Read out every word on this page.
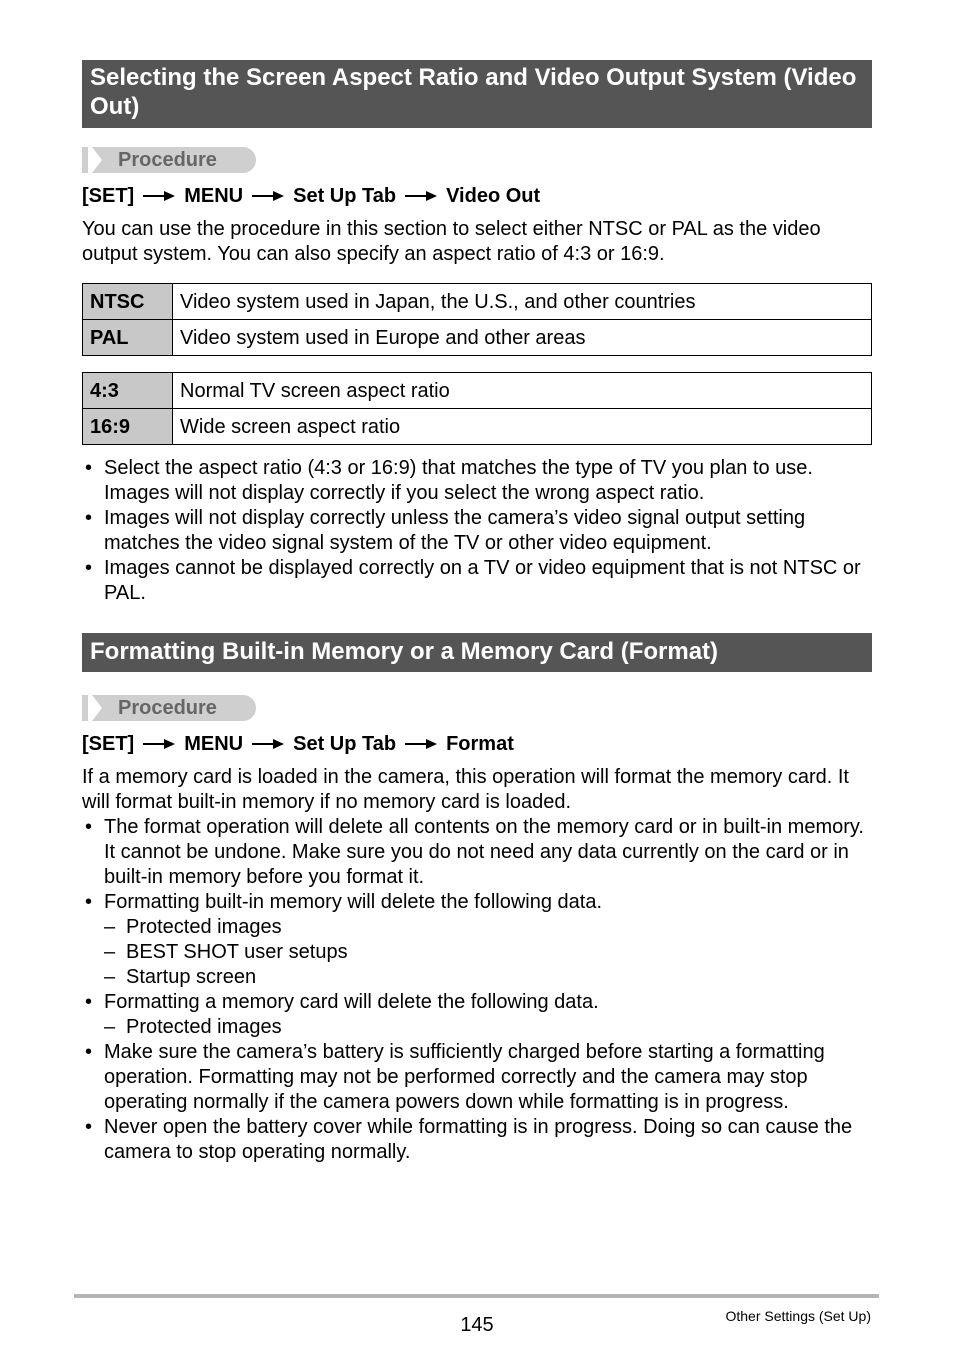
Selecting the Screen Aspect Ratio and Video Output System (Video Out)
Procedure
[SET]	MENU	Set Up Tab	Video Out
You can use the procedure in this section to select either NTSC or PAL as the video output system. You can also specify an aspect ratio of 4:3 or 16:9.
NTSC	Video system used in Japan, the U.S., and other countries
PAL	Video system used in Europe and other areas
4:3	Normal TV screen aspect ratio
16:9	Wide screen aspect ratio
• Select the aspect ratio (4:3 or 16:9) that matches the type of TV you plan to use. Images will not display correctly if you select the wrong aspect ratio.
• Images will not display correctly unless the camera’s video signal output setting matches the video signal system of the TV or other video equipment.
• Images cannot be displayed correctly on a TV or video equipment that is not NTSC or PAL.
Formatting Built-in Memory or a Memory Card (Format)
Procedure
[SET]	MENU	Set Up Tab	Format
If a memory card is loaded in the camera, this operation will format the memory card. It will format built-in memory if no memory card is loaded.
• The format operation will delete all contents on the memory card or in built-in memory. It cannot be undone. Make sure you do not need any data currently on the card or in built-in memory before you format it.
• Formatting built-in memory will delete the following data.
– Protected images
– BEST SHOT user setups
– Startup screen
• Formatting a memory card will delete the following data.
– Protected images
• Make sure the camera’s battery is sufficiently charged before starting a formatting operation. Formatting may not be performed correctly and the camera may stop operating normally if the camera powers down while formatting is in progress.
• Never open the battery cover while formatting is in progress. Doing so can cause the camera to stop operating normally.
145	Other Settings (Set Up)
